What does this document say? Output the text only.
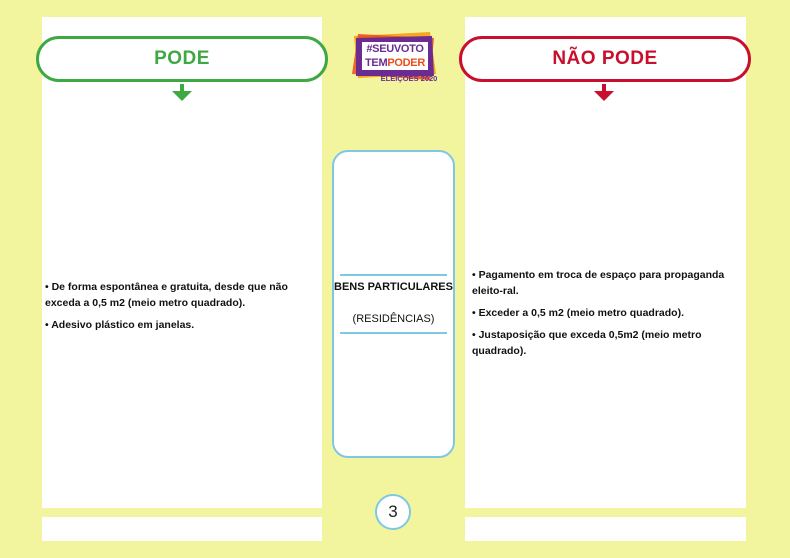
PODE	NÃO PODE
#SEUVOTO
TEMPODER
ELEIÇÕES 2020

• De forma espontânea e gratuita, desde que não exceda a 0,5 m2 (meio metro quadrado).

• Adesivo plástico em janelas.

• Pagamento em troca de espaço para propaganda eleito-ral.

• Exceder a 0,5 m2 (meio metro quadrado).

• Justaposição que exceda 0,5m2 (meio metro quadrado).

BENS PARTICULARES
(RESIDÊNCIAS)
3
